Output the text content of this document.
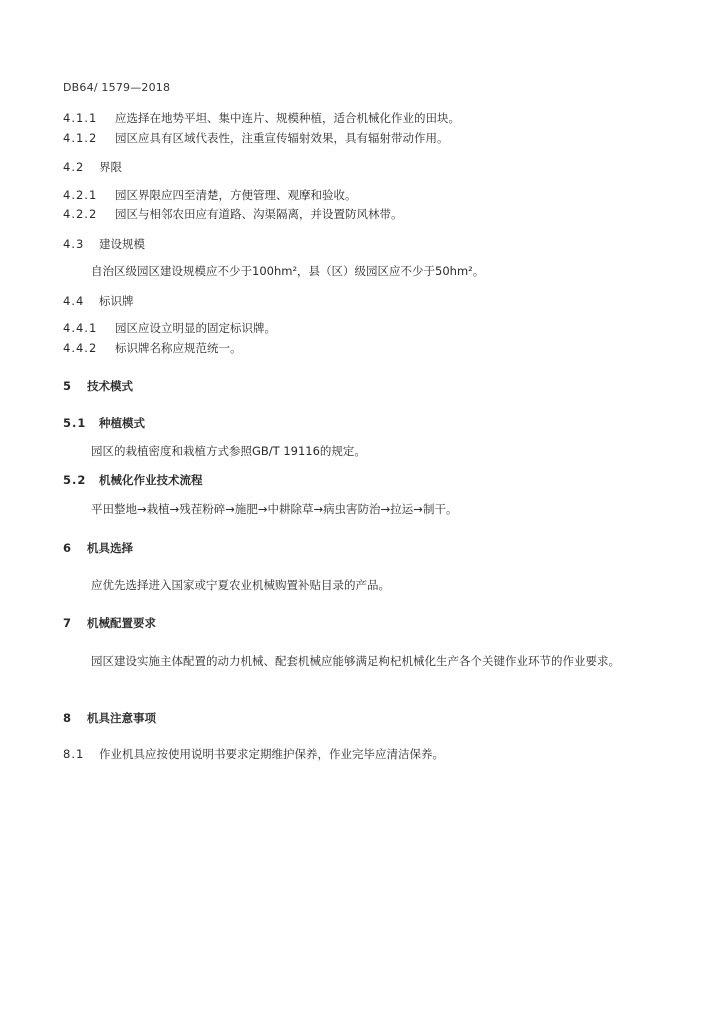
DB64/ 1579—2018
4.1.1 应选择在地势平坦、集中连片、规模种植，适合机械化作业的田块。
4.1.2 园区应具有区域代表性，注重宣传辐射效果，具有辐射带动作用。
4.2 界限
4.2.1 园区界限应四至清楚，方便管理、观摩和验收。
4.2.2 园区与相邻农田应有道路、沟渠隔离，并设置防风林带。
4.3 建设规模
自治区级园区建设规模应不少于100hm²，县（区）级园区应不少于50hm²。
4.4 标识牌
4.4.1 园区应设立明显的固定标识牌。
4.4.2 标识牌名称应规范统一。
5 技术模式
5.1 种植模式
园区的栽植密度和栽植方式参照GB/T 19116的规定。
5.2 机械化作业技术流程
平田整地→栽植→残茬粉碎→施肥→中耕除草→病虫害防治→拉运→制干。
6 机具选择
应优先选择进入国家或宁夏农业机械购置补贴目录的产品。
7 机械配置要求
园区建设实施主体配置的动力机械、配套机械应能够满足枸杞机械化生产各个关键作业环节的作业要求。
8 机具注意事项
8.1 作业机具应按使用说明书要求定期维护保养，作业完毕应清洁保养。
